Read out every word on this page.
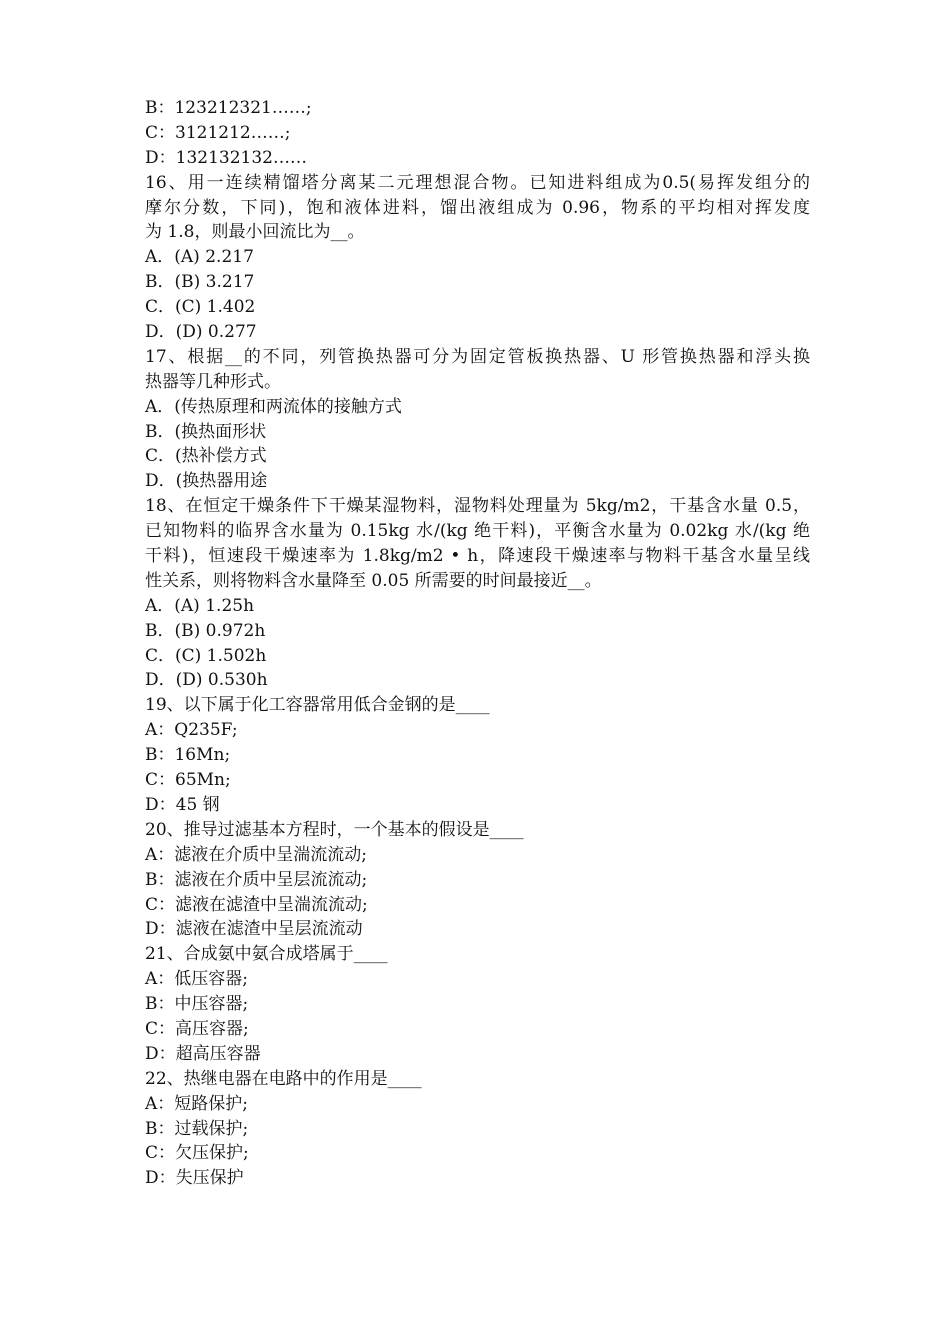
B：123212321……;
C：3121212……;
D：132132132……
16、用一连续精馏塔分离某二元理想混合物。已知进料组成为0.5(易挥发组分的
摩尔分数，下同)，饱和液体进料，馏出液组成为 0.96，物系的平均相对挥发度
为 1.8，则最小回流比为__。
A．(A) 2.217
B．(B) 3.217
C．(C) 1.402
D．(D) 0.277
17、根据__的不同，列管换热器可分为固定管板换热器、U 形管换热器和浮头换
热器等几种形式。
A．(传热原理和两流体的接触方式
B．(换热面形状
C．(热补偿方式
D．(换热器用途
18、在恒定干燥条件下干燥某湿物料，湿物料处理量为 5kg/m2，干基含水量 0.5，
已知物料的临界含水量为 0.15kg 水/(kg 绝干料)，平衡含水量为 0.02kg 水/(kg 绝
干料)，恒速段干燥速率为 1.8kg/m2 • h，降速段干燥速率与物料干基含水量呈线
性关系，则将物料含水量降至 0.05 所需要的时间最接近__。
A．(A) 1.25h
B．(B) 0.972h
C．(C) 1.502h
D．(D) 0.530h
19、以下属于化工容器常用低合金钢的是____
A：Q235F;
B：16Mn;
C：65Mn;
D：45 钢
20、推导过滤基本方程时，一个基本的假设是____
A：滤液在介质中呈湍流流动;
B：滤液在介质中呈层流流动;
C：滤液在滤渣中呈湍流流动;
D：滤液在滤渣中呈层流流动
21、合成氨中氨合成塔属于____
A：低压容器;
B：中压容器;
C：高压容器;
D：超高压容器
22、热继电器在电路中的作用是____
A：短路保护;
B：过载保护;
C：欠压保护;
D：失压保护
